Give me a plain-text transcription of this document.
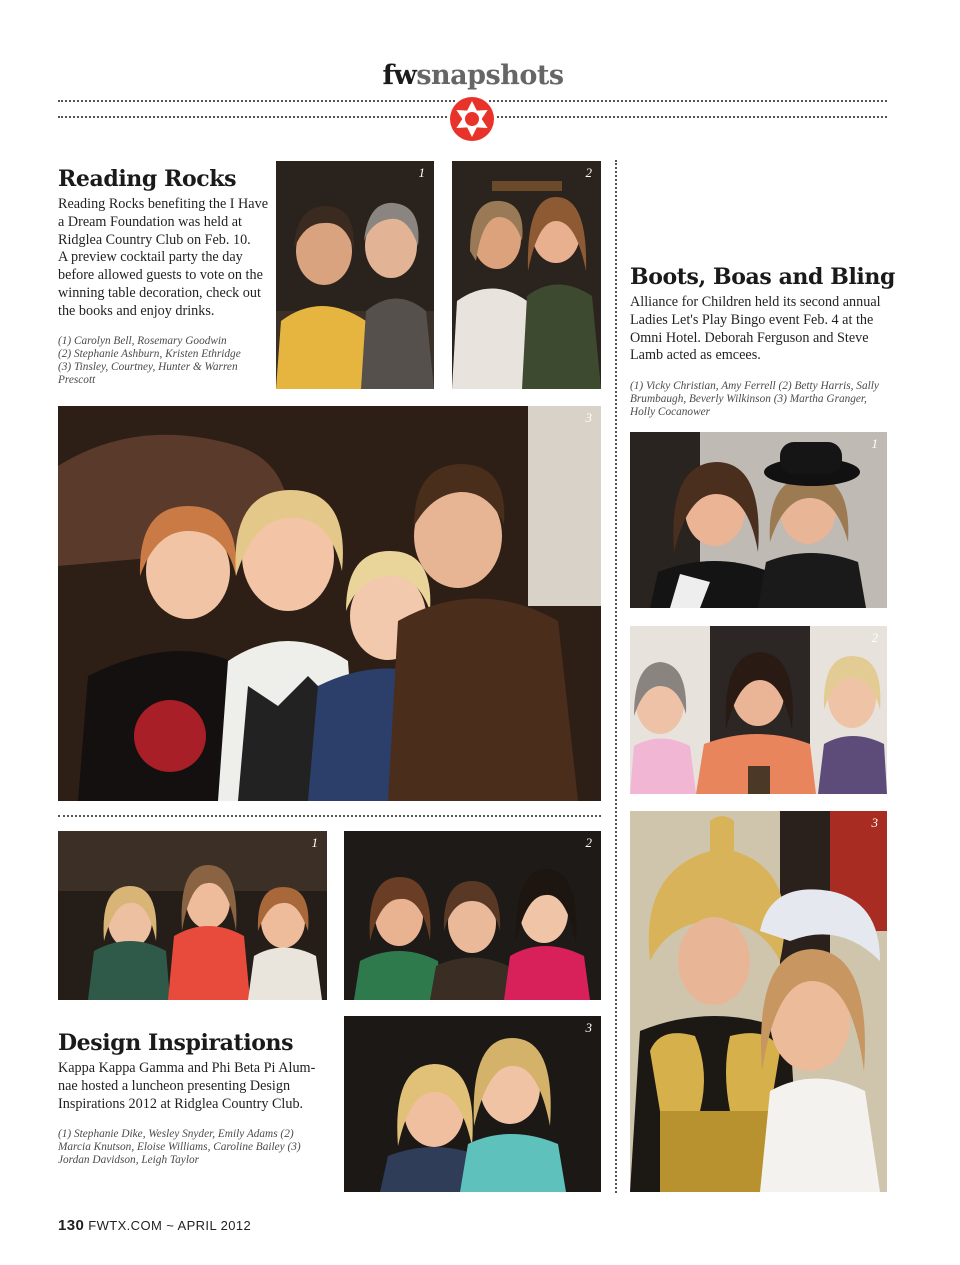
fwsnapshots
Reading Rocks
Reading Rocks benefiting the I Have
a Dream Foundation was held at
Ridglea Country Club on Feb. 10.
A preview cocktail party the day
before allowed guests to vote on the
winning table decoration, check out
the books and enjoy drinks.
(1) Carolyn Bell, Rosemary Goodwin
(2) Stephanie Ashburn, Kristen Ethridge
(3) Tinsley, Courtney, Hunter & Warren
Prescott
1	2
3
1	2
Design Inspirations
Kappa Kappa Gamma and Phi Beta Pi Alum-
nae hosted a luncheon presenting Design
Inspirations 2012 at Ridglea Country Club.
(1) Stephanie Dike, Wesley Snyder, Emily Adams (2)
Marcia Knutson, Eloise Williams, Caroline Bailey (3)
Jordan Davidson, Leigh Taylor
3
Boots, Boas and Bling
Alliance for Children held its second annual
Ladies Let's Play Bingo event Feb. 4 at the
Omni Hotel. Deborah Ferguson and Steve
Lamb acted as emcees.
(1) Vicky Christian, Amy Ferrell (2) Betty Harris, Sally
Brumbaugh, Beverly Wilkinson (3) Martha Granger,
Holly Cocanower
1
2
3
130 FWTX.COM ~ APRIL 2012
